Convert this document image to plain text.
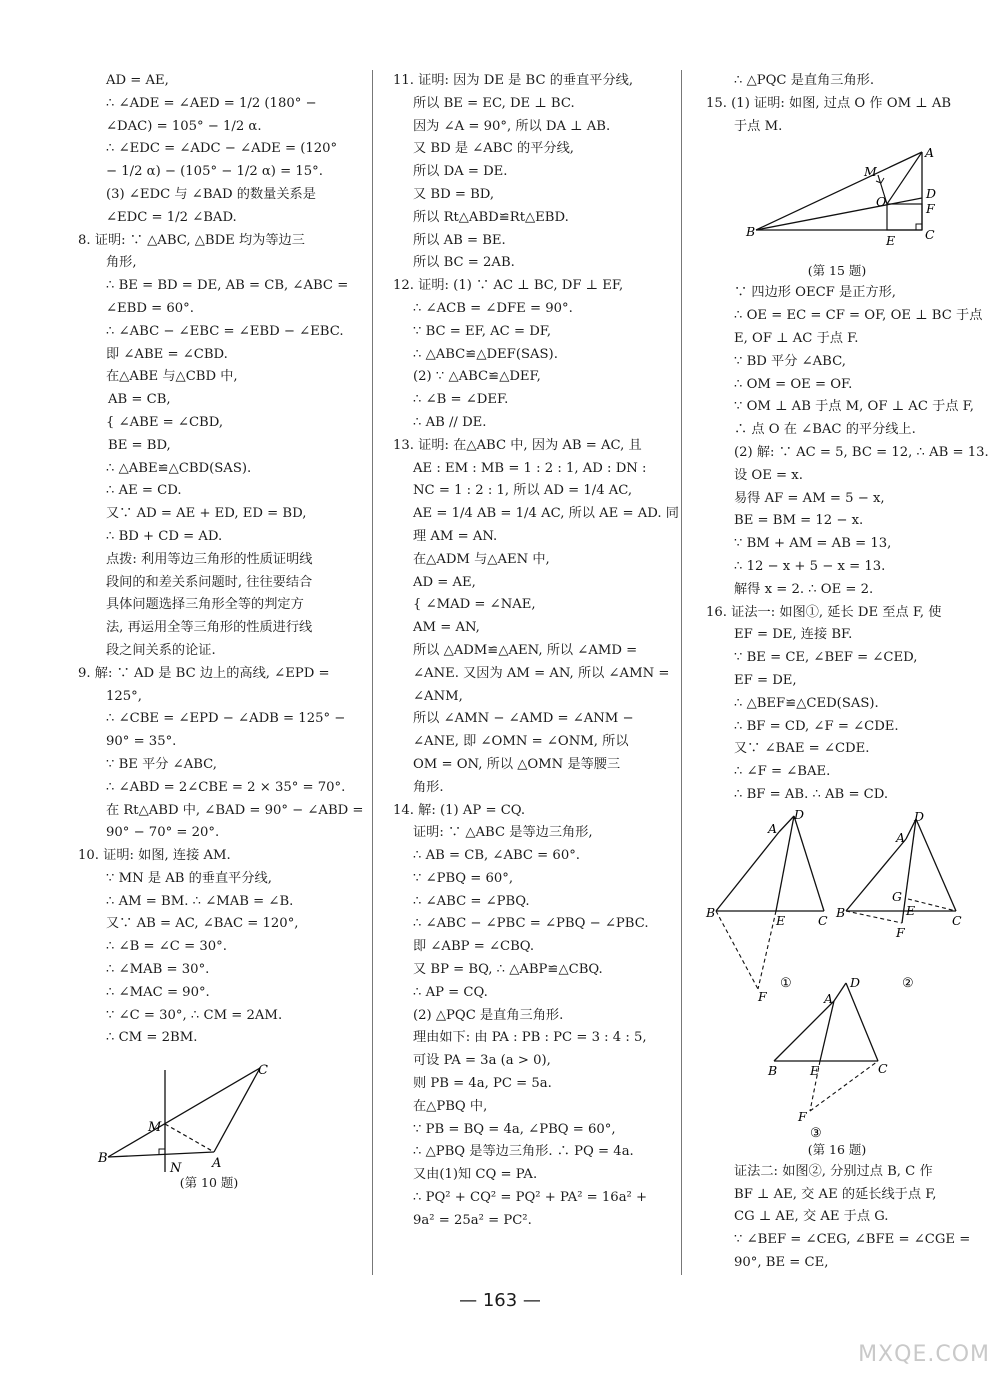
AD = AE,
∴ ∠ADE = ∠AED = 1/2 (180° −
∠DAC) = 105° − 1/2 α.
∴ ∠EDC = ∠ADC − ∠ADE = (120°
− 1/2 α) − (105° − 1/2 α) = 15°.
(3) ∠EDC 与 ∠BAD 的数量关系是
∠EDC = 1/2 ∠BAD.
8. 证明: ∵ △ABC, △BDE 均为等边三
角形,
∴ BE = BD = DE, AB = CB, ∠ABC =
∠EBD = 60°.
∴ ∠ABC − ∠EBC = ∠EBD − ∠EBC.
即 ∠ABE = ∠CBD.
在△ABE 与△CBD 中,
AB = CB,
{ ∠ABE = ∠CBD,
BE = BD,
∴ △ABE≌△CBD(SAS).
∴ AE = CD.
又∵ AD = AE + ED, ED = BD,
∴ BD + CD = AD.
点拨: 利用等边三角形的性质证明线
段间的和差关系问题时, 往往要结合
具体问题选择三角形全等的判定方
法, 再运用全等三角形的性质进行线
段之间关系的论证.
9. 解: ∵ AD 是 BC 边上的高线, ∠EPD =
125°,
∴ ∠CBE = ∠EPD − ∠ADB = 125° −
90° = 35°.
∵ BE 平分 ∠ABC,
∴ ∠ABD = 2∠CBE = 2 × 35° = 70°.
在 Rt△ABD 中, ∠BAD = 90° − ∠ABD =
90° − 70° = 20°.
10. 证明: 如图, 连接 AM.
∵ MN 是 AB 的垂直平分线,
∴ AM = BM. ∴ ∠MAB = ∠B.
又∵ AB = AC, ∠BAC = 120°,
∴ ∠B = ∠C = 30°.
∴ ∠MAB = 30°.
∴ ∠MAC = 90°.
∵ ∠C = 30°, ∴ CM = 2AM.
∴ CM = 2BM.
B
M
N A
C
(第 10 题)
11. 证明: 因为 DE 是 BC 的垂直平分线,
所以 BE = EC, DE ⊥ BC.
因为 ∠A = 90°, 所以 DA ⊥ AB.
又 BD 是 ∠ABC 的平分线,
所以 DA = DE.
又 BD = BD,
所以 Rt△ABD≌Rt△EBD.
所以 AB = BE.
所以 BC = 2AB.
12. 证明: (1) ∵ AC ⊥ BC, DF ⊥ EF,
∴ ∠ACB = ∠DFE = 90°.
∵ BC = EF, AC = DF,
∴ △ABC≌△DEF(SAS).
(2) ∵ △ABC≌△DEF,
∴ ∠B = ∠DEF.
∴ AB // DE.
13. 证明: 在△ABC 中, 因为 AB = AC, 且
AE : EM : MB = 1 : 2 : 1, AD : DN :
NC = 1 : 2 : 1, 所以 AD = 1/4 AC,
AE = 1/4 AB = 1/4 AC, 所以 AE = AD. 同
理 AM = AN.
在△ADM 与△AEN 中,
AD = AE,
{ ∠MAD = ∠NAE,
AM = AN,
所以 △ADM≌△AEN, 所以 ∠AMD =
∠ANE. 又因为 AM = AN, 所以 ∠AMN =
∠ANM,
所以 ∠AMN − ∠AMD = ∠ANM −
∠ANE, 即 ∠OMN = ∠ONM, 所以
OM = ON, 所以 △OMN 是等腰三
角形.
14. 解: (1) AP = CQ.
证明: ∵ △ABC 是等边三角形,
∴ AB = CB, ∠ABC = 60°.
∵ ∠PBQ = 60°,
∴ ∠ABC = ∠PBQ.
∴ ∠ABC − ∠PBC = ∠PBQ − ∠PBC.
即 ∠ABP = ∠CBQ.
又 BP = BQ, ∴ △ABP≌△CBQ.
∴ AP = CQ.
(2) △PQC 是直角三角形.
理由如下: 由 PA : PB : PC = 3 : 4 : 5,
可设 PA = 3a (a > 0),
则 PB = 4a, PC = 5a.
在△PBQ 中,
∵ PB = BQ = 4a, ∠PBQ = 60°,
∴ △PBQ 是等边三角形. ∴ PQ = 4a.
又由(1)知 CQ = PA.
∴ PQ² + CQ² = PQ² + PA² = 16a² +
9a² = 25a² = PC².
∴ △PQC 是直角三角形.
15. (1) 证明: 如图, 过点 O 作 OM ⊥ AB
于点 M.
M
A
D
F
O
B
E C
(第 15 题)
∵ 四边形 OECF 是正方形,
∴ OE = EC = CF = OF, OE ⊥ BC 于点
E, OF ⊥ AC 于点 F.
∵ BD 平分 ∠ABC,
∴ OM = OE = OF.
∵ OM ⊥ AB 于点 M, OF ⊥ AC 于点 F,
∴ 点 O 在 ∠BAC 的平分线上.
(2) 解: ∵ AC = 5, BC = 12, ∴ AB = 13.
设 OE = x.
易得 AF = AM = 5 − x,
BE = BM = 12 − x.
∵ BM + AM = AB = 13,
∴ 12 − x + 5 − x = 13.
解得 x = 2. ∴ OE = 2.
16. 证法一: 如图①, 延长 DE 至点 F, 使
EF = DE, 连接 BF.
∵ BE = CE, ∠BEF = ∠CED,
EF = DE,
∴ △BEF≌△CED(SAS).
∴ BF = CD, ∠F = ∠CDE.
又∵ ∠BAE = ∠CDE.
∴ ∠F = ∠BAE.
∴ BF = AB. ∴ AB = CD.
D
A
B
E	C
F
①
D
A
G
B	E
C
F
②
D
A
B	E	C
F
③
(第 16 题)
证法二: 如图②, 分别过点 B, C 作
BF ⊥ AE, 交 AE 的延长线于点 F,
CG ⊥ AE, 交 AE 于点 G.
∵ ∠BEF = ∠CEG, ∠BFE = ∠CGE =
90°, BE = CE,
— 163 —
MXQE.COM
